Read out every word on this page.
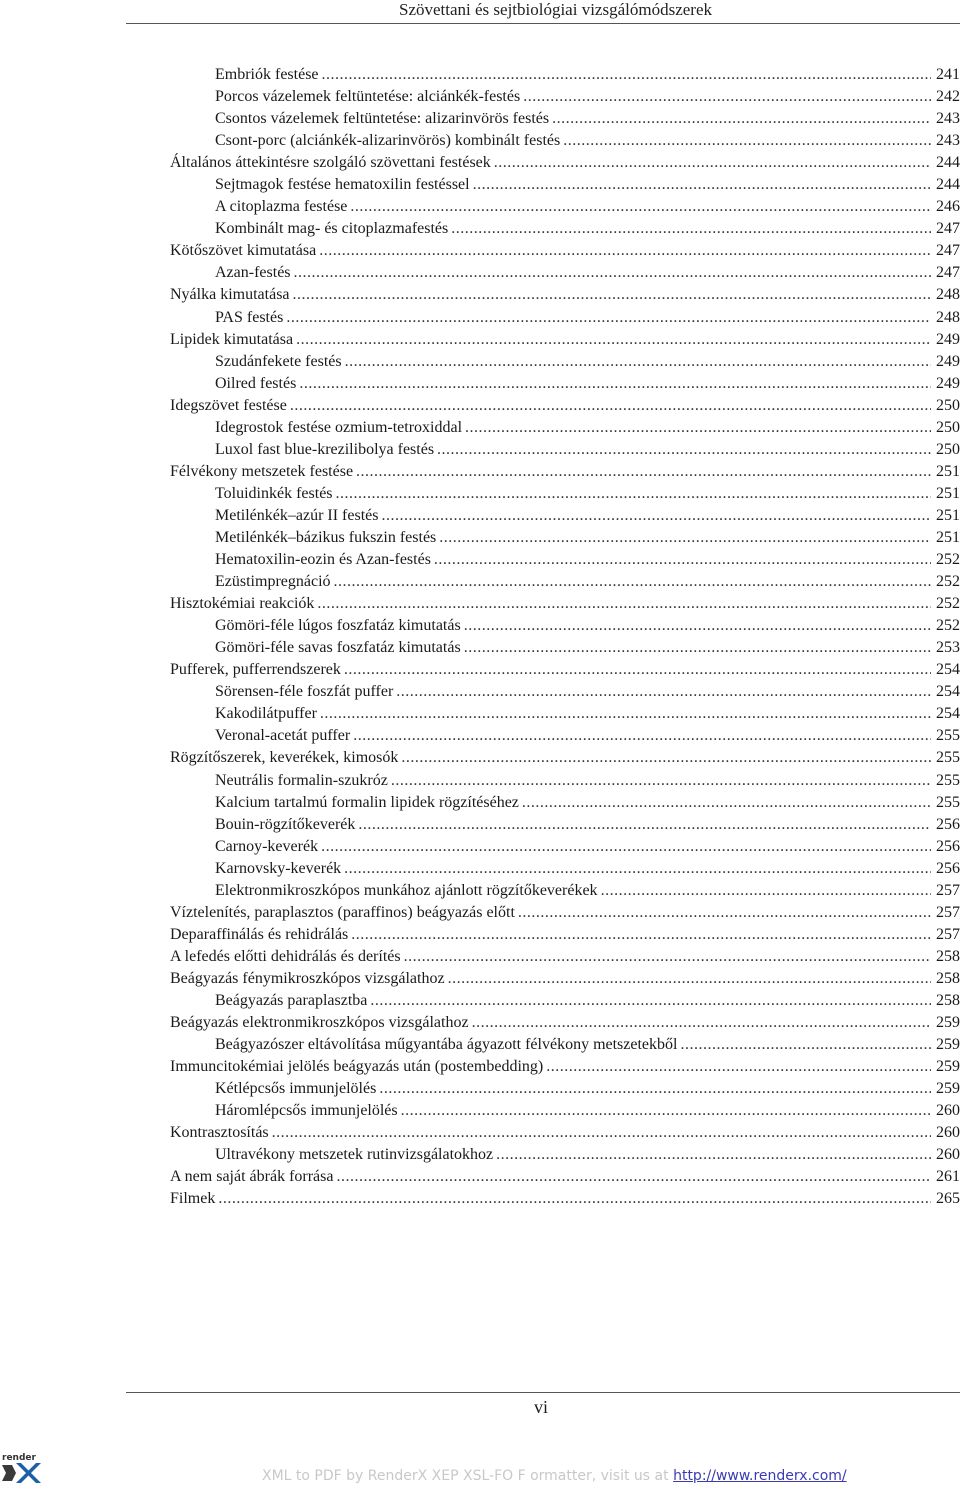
Szövettani és sejtbiológiai vizsgálómódszerek
Embriók festése .....	241
Porcos vázelemek feltüntetése: alciánkék-festés .....	242
Csontos vázelemek feltüntetése: alizarinvörös festés .....	243
Csont-porc (alciánkék-alizarinvörös) kombinált festés .....	243
Általános áttekintésre szolgáló szövettani festések .....	244
Sejtmagok festése hematoxilin festéssel .....	244
A citoplazma festése .....	246
Kombinált mag- és citoplazmafestés .....	247
Kötőszövet kimutatása .....	247
Azan-festés .....	247
Nyálka kimutatása .....	248
PAS festés .....	248
Lipidek kimutatása .....	249
Szudánfekete festés .....	249
Oilred festés .....	249
Idegszövet festése .....	250
Idegrostok festése ozmium-tetroxiddal .....	250
Luxol fast blue-krezilibolya festés .....	250
Félvékony metszetek festése .....	251
Toluidinkék festés .....	251
Metilénkék–azúr II festés .....	251
Metilénkék–bázikus fukszin festés .....	251
Hematoxilin-eozin és Azan-festés .....	252
Ezüstimpregnáció .....	252
Hisztokémiai reakciók .....	252
Gömöri-féle lúgos foszfatáz kimutatás .....	252
Gömöri-féle savas foszfatáz kimutatás .....	253
Pufferek, pufferrendszerek .....	254
Sörensen-féle foszfát puffer .....	254
Kakodilátpuffer .....	254
Veronal-acetát puffer .....	255
Rögzítőszerek, keverékek, kimosók .....	255
Neutrális formalin-szukróz .....	255
Kalcium tartalmú formalin lipidek rögzítéséhez .....	255
Bouin-rögzítőkeverék .....	256
Carnoy-keverék .....	256
Karnovsky-keverék .....	256
Elektronmikroszkópos munkához ajánlott rögzítőkeverékek .....	257
Víztelenítés, paraplasztos (paraffinos) beágyazás előtt .....	257
Deparaffinálás és rehidrálás .....	257
A lefedés előtti dehidrálás és derítés .....	258
Beágyazás fénymikroszkópos vizsgálathoz .....	258
Beágyazás paraplasztba .....	258
Beágyazás elektronmikroszkópos vizsgálathoz .....	259
Beágyazószer eltávolítása műgyantába ágyazott félvékony metszetekből .....	259
Immuncitokémiai jelölés beágyazás után (postembedding) .....	259
Kétlépcsős immunjelölés .....	259
Háromlépcsős immunjelölés .....	260
Kontrasztosítás .....	260
Ultravékony metszetek rutinvizsgálatokhoz .....	260
A nem saját ábrák forrása .....	261
Filmek .....	265
vi
render
XML to PDF by RenderX XEP XSL-FO F ormatter, visit us at http://www.renderx.com/
